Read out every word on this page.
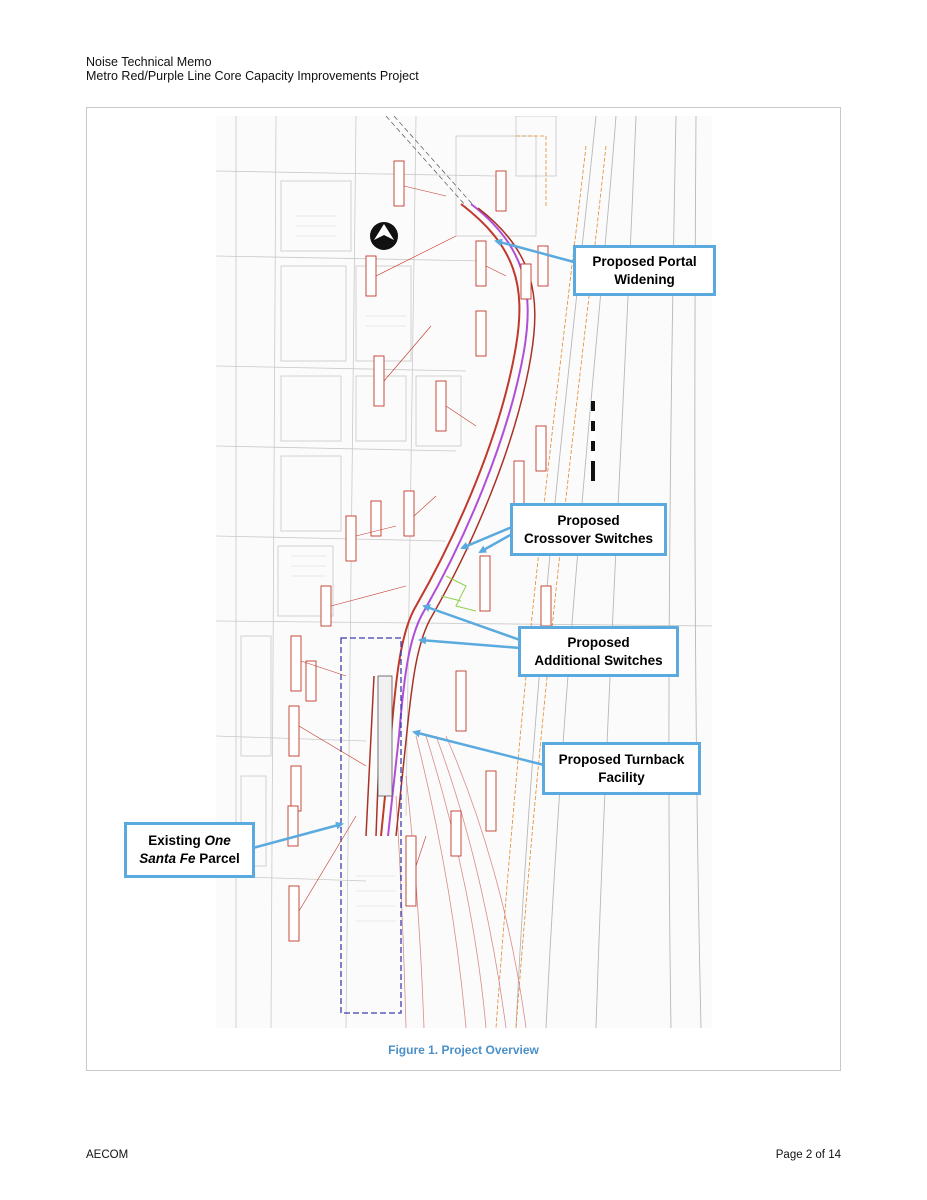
Noise Technical Memo
Metro Red/Purple Line Core Capacity Improvements Project
Proposed Portal
Widening
Proposed
Crossover Switches
Proposed
Additional Switches
Proposed Turnback
Facility
Existing One
Santa Fe Parcel
Figure 1. Project Overview
AECOM	Page 2 of 14
